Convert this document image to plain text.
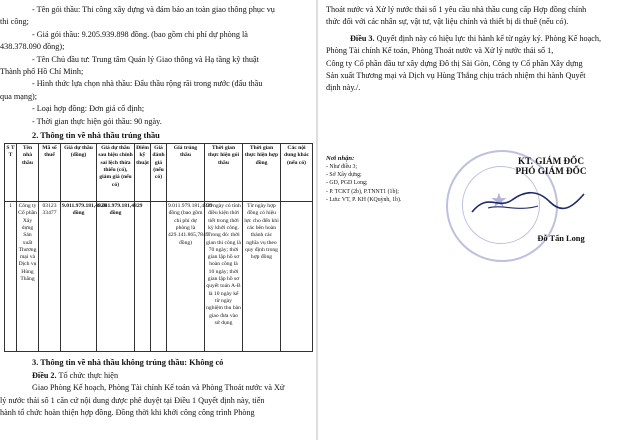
- Tên gói thầu: Thi công xây dựng và đảm bảo an toàn giao thông phục vụ
thi công;
- Giá gói thầu: 9.205.939.898 đồng. (bao gồm chi phí dự phòng là
438.378.090 đồng);
- Tên Chủ đầu tư: Trung tâm Quản lý Giao thông và Hạ tầng kỹ thuật
Thành phố Hồ Chí Minh;
- Hình thức lựa chọn nhà thầu: Đấu thầu rộng rãi trong nước (đấu thầu
qua mạng);
- Loại hợp đồng: Đơn giá cố định;
- Thời gian thực hiện gói thầu: 90 ngày.
2. Thông tin về nhà thầu trúng thầu
S T T	Tên nhà thầu	Mã số thuế	Giá dự thầu (đồng)	Giá dự thầu sau hiệu chỉnh sai lệch thừa thiếu (có), giảm giá (nếu có)	Điểm kỹ thuật	Giá đánh giá (nếu có)	Giá trúng thầu	Thời gian thực hiện gói thầu	Thời gian thực hiện hợp đồng	Các nội dung khác (nếu có)
1	Công ty Cổ phần Xây dựng Sản xuất Thương mại và Dịch vụ Hùng Thắng	03123 33477	9.011.979.181,4829 đồng	9.011.979.181,4829 đồng			9.011.979.181,4829 đồng (bao gồm chi phí dự phòng là 429.141.865,7849 đồng)	90 ngày có tính điều kiện thời tiết trong thời kỳ khởi công. Trong đó: thời gian thi công là 70 ngày; thời gian lập hồ sơ hoàn công là 10 ngày; thời gian lập hồ sơ quyết toán A-B là 10 ngày kể từ ngày nghiệm thu bàn giao đưa vào sử dụng	Từ ngày hợp đồng có hiệu lực cho đến khi các bên hoàn thành các nghĩa vụ theo quy định trong hợp đồng	
3. Thông tin về nhà thầu không trúng thầu: Không có
Điều 2. Tổ chức thực hiện
Giao Phòng Kế hoạch, Phòng Tài chính Kế toán và Phòng Thoát nước và Xử
lý nước thải số 1 căn cứ nội dung được phê duyệt tại Điều 1 Quyết định này, tiến
hành tổ chức hoàn thiện hợp đồng. Đồng thời khi khởi công công trình Phòng
Thoát nước và Xử lý nước thải số 1 yêu cầu nhà thầu cung cấp Hợp đồng chính
thức đối với các nhân sự, vật tư, vật liệu chính và thiết bị di thuê (nếu có).
Điều 3. Quyết định này có hiệu lực thi hành kể từ ngày ký. Phòng Kế hoạch,
Phòng Tài chính Kế toán, Phòng Thoát nước và Xử lý nước thải số 1,
Công ty Cổ phần đầu tư xây dựng Đô thị Sài Gòn, Công ty Cổ phần Xây dựng
Sản xuất Thương mại và Dịch vụ Hùng Thắng chịu trách nhiệm thi hành Quyết
định này./.
Nơi nhận:
- Như điều 3;
- Sở Xây dựng;
- GD, PGD Long;
- P. TCKT (2b), P.TNNT1 (1b);
- Lưu: VT, P. KH (KQuỳnh, 1b).	★
KT. GIÁM ĐỐC
PHÓ GIÁM ĐỐC
Đỗ Tấn Long
